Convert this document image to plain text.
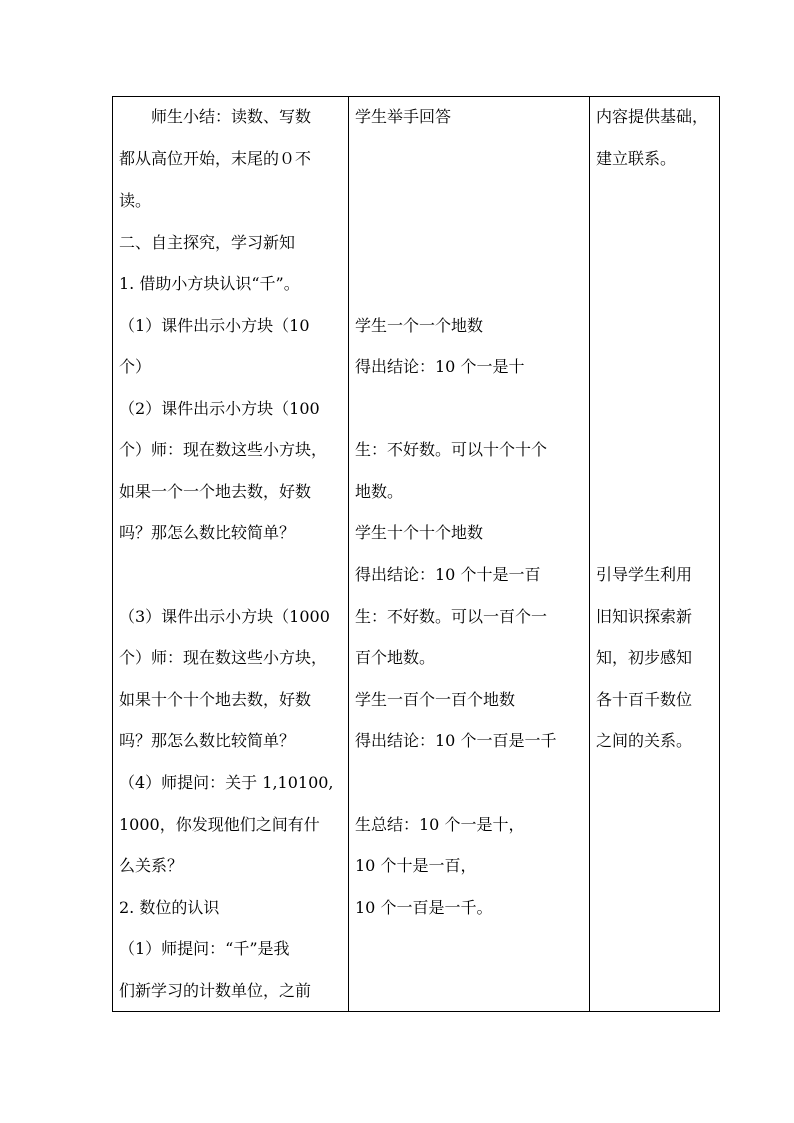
　　师生小结：读数、写数
都从高位开始，末尾的０不
读。
二、自主探究，学习新知
1. 借助小方块认识“千”。
（1）课件出示小方块（10
个）
（2）课件出示小方块（100
个）师：现在数这些小方块，
如果一个一个地去数，好数
吗？那怎么数比较简单？
（3）课件出示小方块（1000
个）师：现在数这些小方块，
如果十个十个地去数，好数
吗？那怎么数比较简单？
（4）师提问：关于 1,10100,
1000，你发现他们之间有什
么关系？
2. 数位的认识
（1）师提问：“千”是我
们新学习的计数单位，之前
学生举手回答
学生一个一个地数
得出结论：10 个一是十
生：不好数。可以十个十个
地数。
学生十个十个地数
得出结论：10 个十是一百
生：不好数。可以一百个一
百个地数。
学生一百个一百个地数
得出结论：10 个一百是一千
生总结：10 个一是十，
10 个十是一百，
10 个一百是一千。
内容提供基础，
建立联系。
引导学生利用
旧知识探索新
知，初步感知
各十百千数位
之间的关系。
